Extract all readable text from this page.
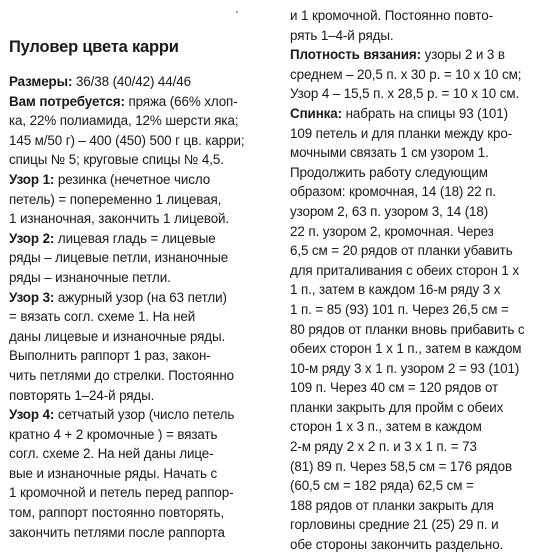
Пуловер цвета карри
Размеры: 36/38 (40/42) 44/46
Вам потребуется: пряжа (66% хлоп-
ка, 22% полиамида, 12% шерсти яка;
145 м/50 г) – 400 (450) 500 г цв. карри;
спицы № 5; круговые спицы № 4,5.
Узор 1: резинка (нечетное число
петель) = попеременно 1 лицевая,
1 изнаночная, закончить 1 лицевой.
Узор 2: лицевая гладь = лицевые
ряды – лицевые петли, изнаночные
ряды – изнаночные петли.
Узор 3: ажурный узор (на 63 петли)
= вязать согл. схеме 1. На ней
даны лицевые и изнаночные ряды.
Выполнить раппорт 1 раз, закон-
чить петлями до стрелки. Постоянно
повторять 1–24-й ряды.
Узор 4: сетчатый узор (число петель
кратно 4 + 2 кромочные ) = вязать
согл. схеме 2. На ней даны лице-
вые и изнаночные ряды. Начать с
1 кромочной и петель перед раппор-
том, раппорт постоянно повторять,
закончить петлями после раппорта
и 1 кромочной. Постоянно повто-
рять 1–4-й ряды.
Плотность вязания: узоры 2 и 3 в
среднем – 20,5 п. х 30 р. = 10 х 10 см;
Узор 4 – 15,5 п. х 28,5 р. = 10 х 10 см.
Спинка: набрать на спицы 93 (101)
109 петель и для планки между кро-
мочными связать 1 см узором 1.
Продолжить работу следующим
образом: кромочная, 14 (18) 22 п.
узором 2, 63 п. узором 3, 14 (18)
22 п. узором 2, кромочная. Через
6,5 см = 20 рядов от планки убавить
для приталивания с обеих сторон 1 х
1 п., затем в каждом 16-м ряду 3 х
1 п. = 85 (93) 101 п. Через 26,5 см =
80 рядов от планки вновь прибавить с
обеих сторон 1 х 1 п., затем в каждом
10-м ряду 3 х 1 п. узором 2 = 93 (101)
109 п. Через 40 см = 120 рядов от
планки закрыть для пройм с обеих
сторон 1 х 3 п., затем в каждом
2-м ряду 2 х 2 п. и 3 х 1 п. = 73
(81) 89 п. Через 58,5 см = 176 рядов
(60,5 см = 182 ряда) 62,5 см =
188 рядов от планки закрыть для
горловины средние 21 (25) 29 п. и
обе стороны закончить раздельно.
